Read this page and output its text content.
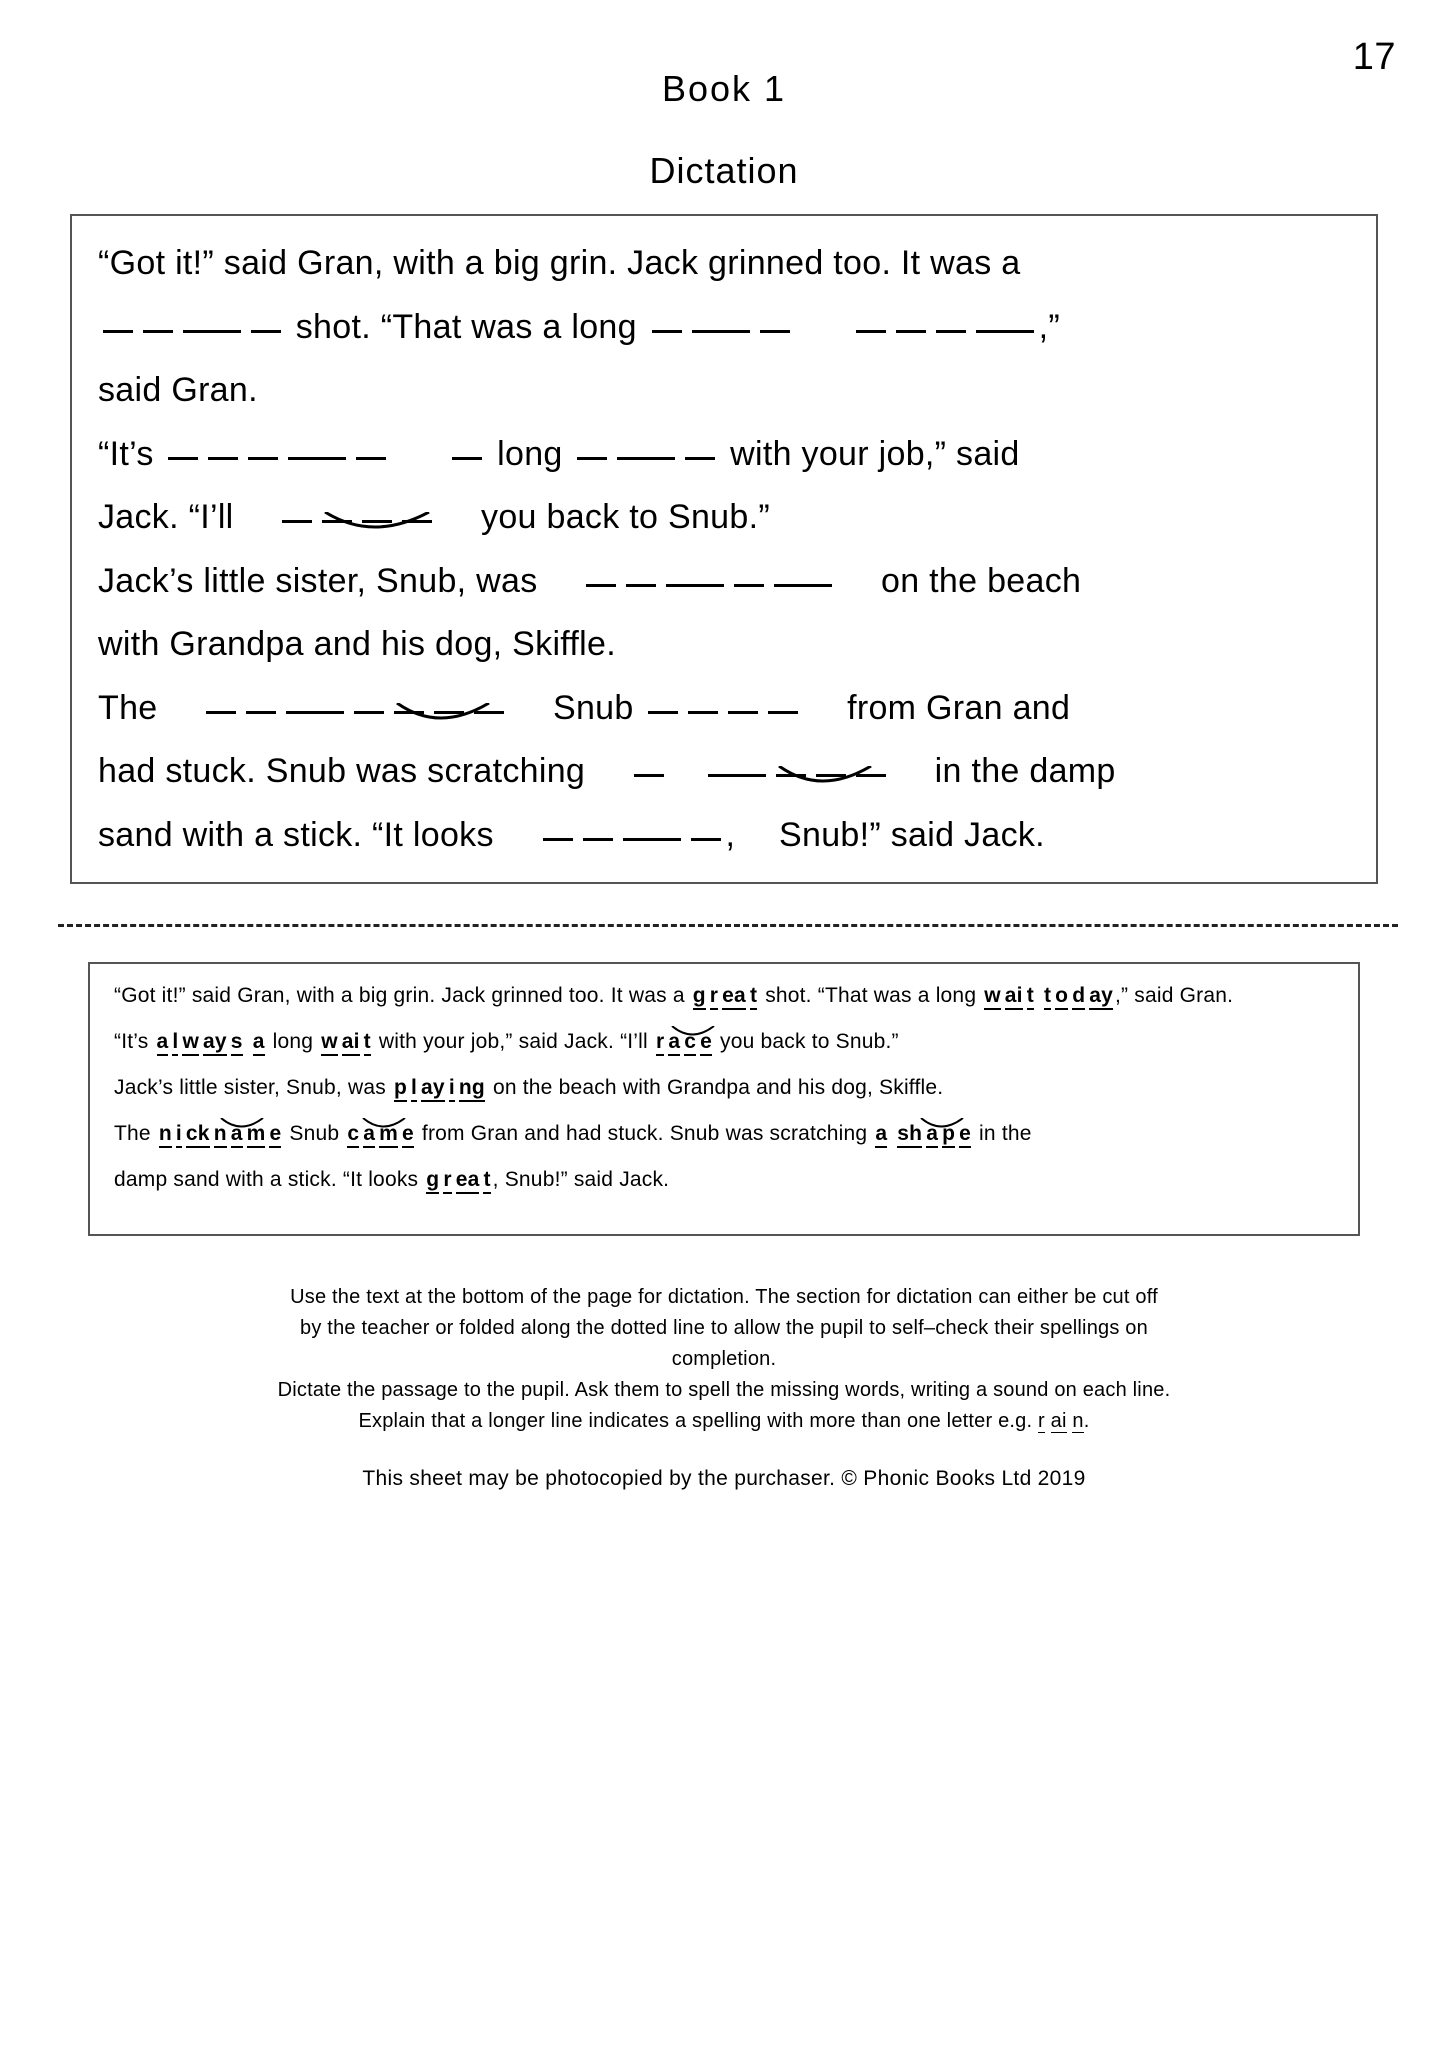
17
Book 1
Dictation
“Got it!” said Gran, with a big grin. Jack grinned too. It was a
shot. “That was a long	,”
said Gran.
“It’s	long	with your job,” said
Jack. “I’ll	you back to Snub.”
Jack’s little sister, Snub, was	on the beach
with Grandpa and his dog, Skiffle.
The	Snub	from Gran and
had stuck. Snub was scratching	in the damp
sand with a stick. “It looks	, Snub!” said Jack.

“Got it!” said Gran, with a big grin. Jack grinned too. It was a g r ea t shot. “That was a long w ai t t o d ay,” said Gran.

“It’s a l w ay s a long w ai t with your job,” said Jack. “I’ll r a c e you back to Snub.”

Jack’s little sister, Snub, was p l ay i ng on the beach with Grandpa and his dog, Skiffle.

The n i ck n a m e Snub c a m e from Gran and had stuck. Snub was scratching a sh a p e in the

damp sand with a stick. “It looks g r ea t, Snub!” said Jack.

Use the text at the bottom of the page for dictation. The section for dictation can either be cut off
by the teacher or folded along the dotted line to allow the pupil to self–check their spellings on
completion.
Dictate the passage to the pupil. Ask them to spell the missing words, writing a sound on each line.
Explain that a longer line indicates a spelling with more than one letter e.g. r ai n.
This sheet may be photocopied by the purchaser. © Phonic Books Ltd 2019
